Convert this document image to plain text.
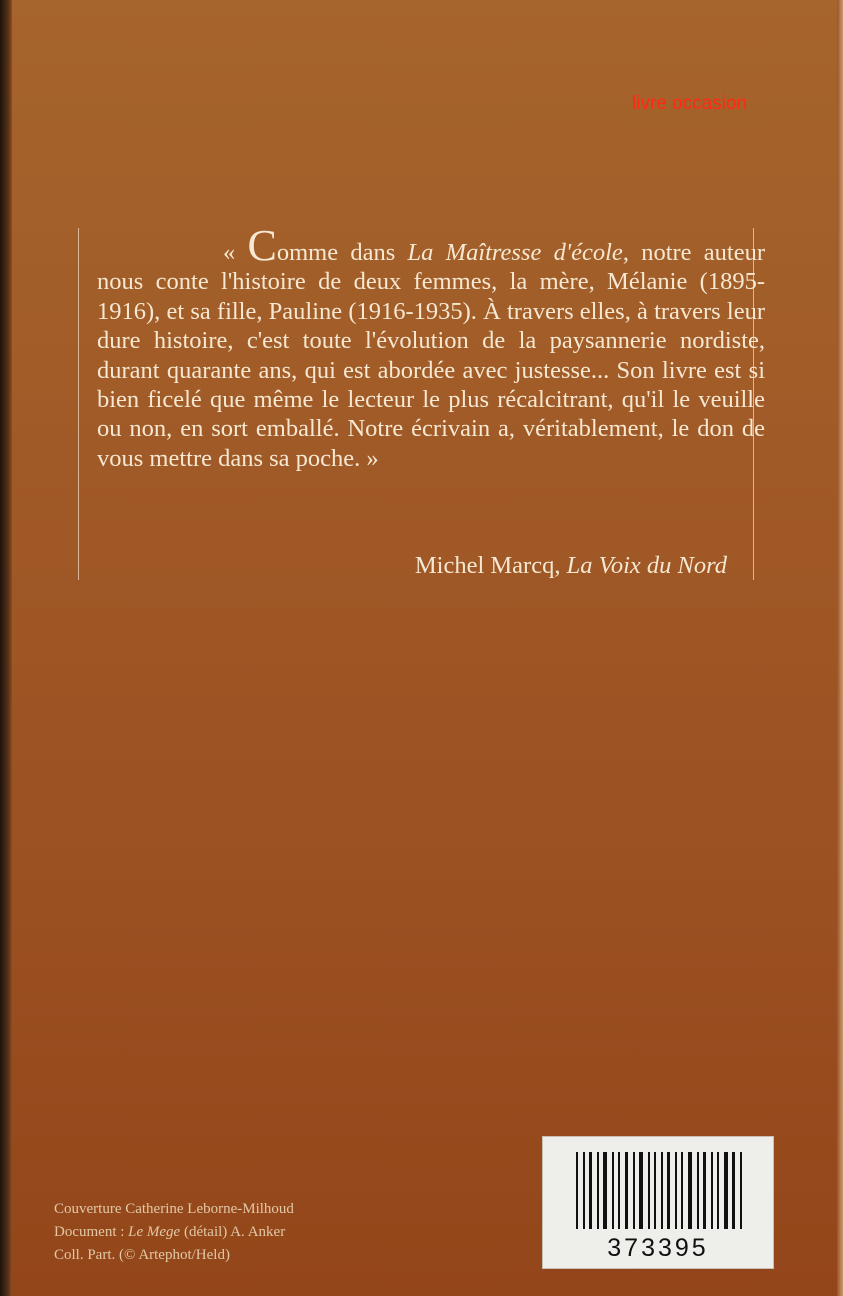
livre occasion
« Comme dans La Maîtresse d'école, notre auteur nous conte l'histoire de deux femmes, la mère, Mélanie (1895-1916), et sa fille, Pauline (1916-1935). À travers elles, à travers leur dure histoire, c'est toute l'évolution de la paysannerie nordiste, durant quarante ans, qui est abordée avec justesse... Son livre est si bien ficelé que même le lecteur le plus récalcitrant, qu'il le veuille ou non, en sort emballé. Notre écrivain a, véritablement, le don de vous mettre dans sa poche. »
Michel Marcq, La Voix du Nord
Couverture Catherine Leborne-Milhoud
Document : Le Mege (détail) A. Anker
Coll. Part. (© Artephot/Held)	373395
